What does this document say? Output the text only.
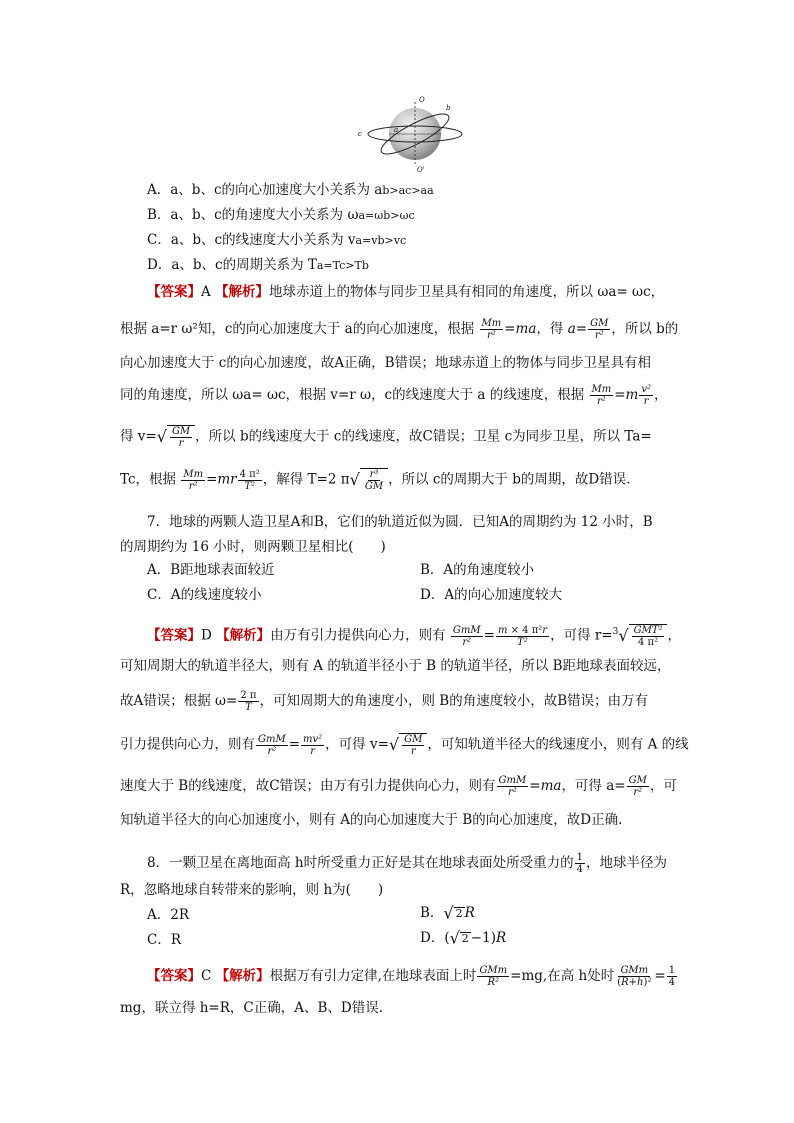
O
O'
a
b
c
A．a、b、c的向心加速度大小关系为 ab>ac>aa
B．a、b、c的角速度大小关系为 ωa=ωb>ωc
C．a、b、c的线速度大小关系为 va=vb>vc
D．a、b、c的周期关系为 Ta=Tc>Tb
【答案】A 【解析】地球赤道上的物体与同步卫星具有相同的角速度，所以 ωa= ωc，
根据 a=r ω²知，c的向心加速度大于 a的向心加速度，根据 $\frac{Mm}{\text{r²}} =ma$，得 $a= \frac{GM}{\text{r²}}$ ，所以 b的
向心加速度大于 c的向心加速度，故A正确，B错误；地球赤道上的物体与同步卫星具有相
同的角速度，所以 ωa= ωc，根据 v=r ω，c的线速度大于 a 的线速度，根据 $\frac{Mm}{\text{r²}} =m \frac{\text{v²}}{r}$ ，
得 $v=√ \frac{GM}{r}$ ，所以 b的线速度大于 c的线速度，故C错误；卫星 c为同步卫星，所以 Ta=
Tc，根据 $\frac{Mm}{\text{r²}} =mr \frac{\text{4 π²}}{\text{T²}}$ ，解得 T=2 $\pi√ \frac{\text{r³}}{GM}$ ，所以 c的周期大于 b的周期，故D错误.
7．地球的两颗人造卫星A和B，它们的轨道近似为圆．已知A的周期约为 12 小时，B
的周期约为 16 小时，则两颗卫星相比(　　)
A．B距地球表面较近	B．A的角速度较小
C．A的线速度较小	D．A的向心加速度较大
【答案】D 【解析】由万有引力提供向心力，则有 $\frac{\text{GmM}}{\text{r²}} = \frac{\text{m × 4 π²r}}{\text{T²}}$ ，可得 $r=^3√ \frac{\text{GMT²}}{\text{4 π²}}$ ，
可知周期大的轨道半径大，则有 A 的轨道半径小于 B 的轨道半径，所以 B距地球表面较远，
故A错误；根据 $\omega= \frac{2 \pi}{T}$ ，可知周期大的角速度小，则 B的角速度较小，故B错误；由万有
引力提供向心力，则有 $\frac{\text{GmM}}{\text{r²}} = \frac{\text{mv²}}{r}$ ，可得 $v=√ \frac{GM}{r}$ ，可知轨道半径大的线速度小，则有 A 的线
速度大于 B的线速度，故C错误；由万有引力提供向心力，则有 $\frac{\text{GmM}}{\text{r²}} =ma$，可得 $a= \frac{GM}{\text{r²}}$ ，可
知轨道半径大的向心加速度小，则有 A的向心加速度大于 B的向心加速度，故D正确.
8．一颗卫星在离地面高 h时所受重力正好是其在地球表面处所受重力的 $\frac{1}{4}$ ，地球半径为
R，忽略地球自转带来的影响，则 h为(　　)
A．2R	B．√ 2 R
C．R	D．(√ 2 −1)R
【答案】C 【解析】根据万有引力定律,在地球表面上时 $\frac{\text{GMm}}{\text{R²}} =mg$,在高 h处时 $\frac{\text{GMm}}{\text{(R+h)²}} = \frac{1}{4}$
mg，联立得 h=R，C正确，A、B、D错误.
